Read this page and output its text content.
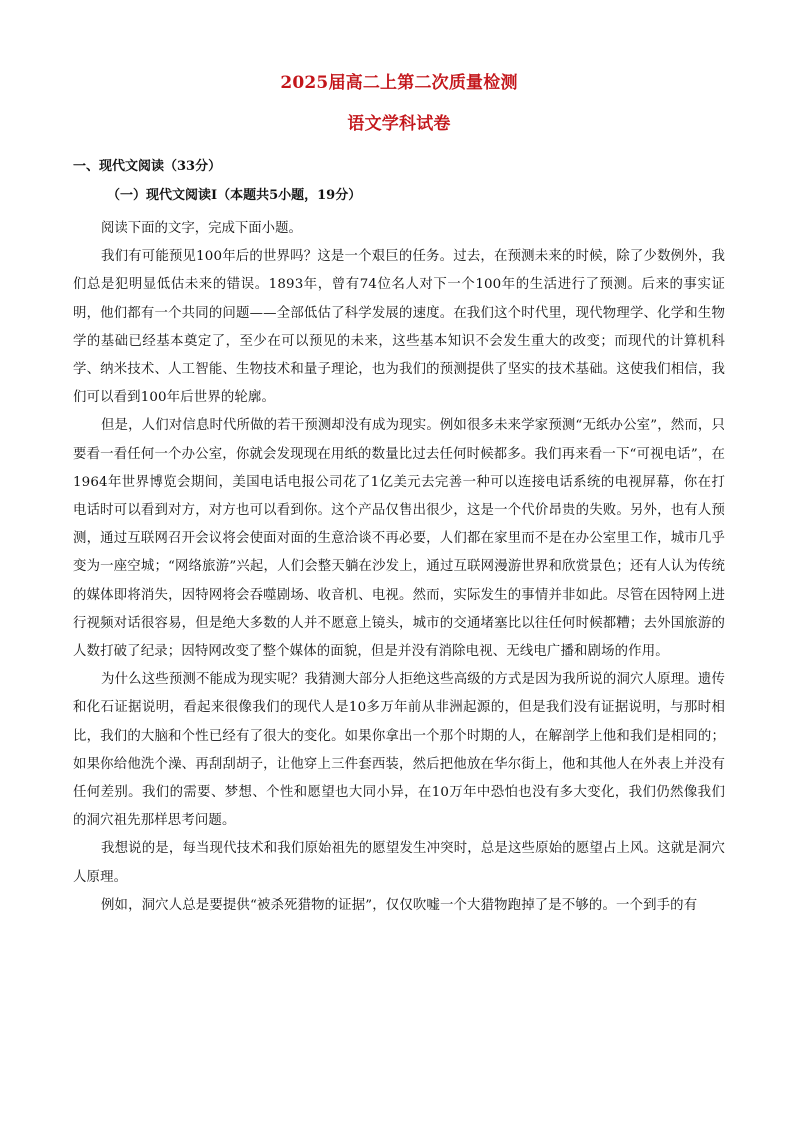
2025届高二上第二次质量检测
语文学科试卷
一、现代文阅读（33分）
（一）现代文阅读Ⅰ（本题共5小题，19分）

阅读下面的文字，完成下面小题。

我们有可能预见100年后的世界吗？这是一个艰巨的任务。过去，在预测未来的时候，除了少数例外，我们总是犯明显低估未来的错误。1893年，曾有74位名人对下一个100年的生活进行了预测。后来的事实证明，他们都有一个共同的问题——全部低估了科学发展的速度。在我们这个时代里，现代物理学、化学和生物学的基础已经基本奠定了，至少在可以预见的未来，这些基本知识不会发生重大的改变；而现代的计算机科学、纳米技术、人工智能、生物技术和量子理论，也为我们的预测提供了坚实的技术基础。这使我们相信，我们可以看到100年后世界的轮廓。

但是，人们对信息时代所做的若干预测却没有成为现实。例如很多未来学家预测“无纸办公室”，然而，只要看一看任何一个办公室，你就会发现现在用纸的数量比过去任何时候都多。我们再来看一下“可视电话”，在1964年世界博览会期间，美国电话电报公司花了1亿美元去完善一种可以连接电话系统的电视屏幕，你在打电话时可以看到对方，对方也可以看到你。这个产品仅售出很少，这是一个代价昂贵的失败。另外，也有人预测，通过互联网召开会议将会使面对面的生意洽谈不再必要，人们都在家里而不是在办公室里工作，城市几乎变为一座空城；“网络旅游”兴起，人们会整天躺在沙发上，通过互联网漫游世界和欣赏景色；还有人认为传统的媒体即将消失，因特网将会吞噬剧场、收音机、电视。然而，实际发生的事情并非如此。尽管在因特网上进行视频对话很容易，但是绝大多数的人并不愿意上镜头，城市的交通堵塞比以往任何时候都糟；去外国旅游的人数打破了纪录；因特网改变了整个媒体的面貌，但是并没有消除电视、无线电广播和剧场的作用。

为什么这些预测不能成为现实呢？我猜测大部分人拒绝这些高级的方式是因为我所说的洞穴人原理。遗传和化石证据说明，看起来很像我们的现代人是10多万年前从非洲起源的，但是我们没有证据说明，与那时相比，我们的大脑和个性已经有了很大的变化。如果你拿出一个那个时期的人，在解剖学上他和我们是相同的；如果你给他洗个澡、再刮刮胡子，让他穿上三件套西装，然后把他放在华尔街上，他和其他人在外表上并没有任何差别。我们的需要、梦想、个性和愿望也大同小异，在10万年中恐怕也没有多大变化，我们仍然像我们的洞穴祖先那样思考问题。

我想说的是，每当现代技术和我们原始祖先的愿望发生冲突时，总是这些原始的愿望占上风。这就是洞穴人原理。

例如，洞穴人总是要提供“被杀死猎物的证据”，仅仅吹嘘一个大猎物跑掉了是不够的。一个到手的有
